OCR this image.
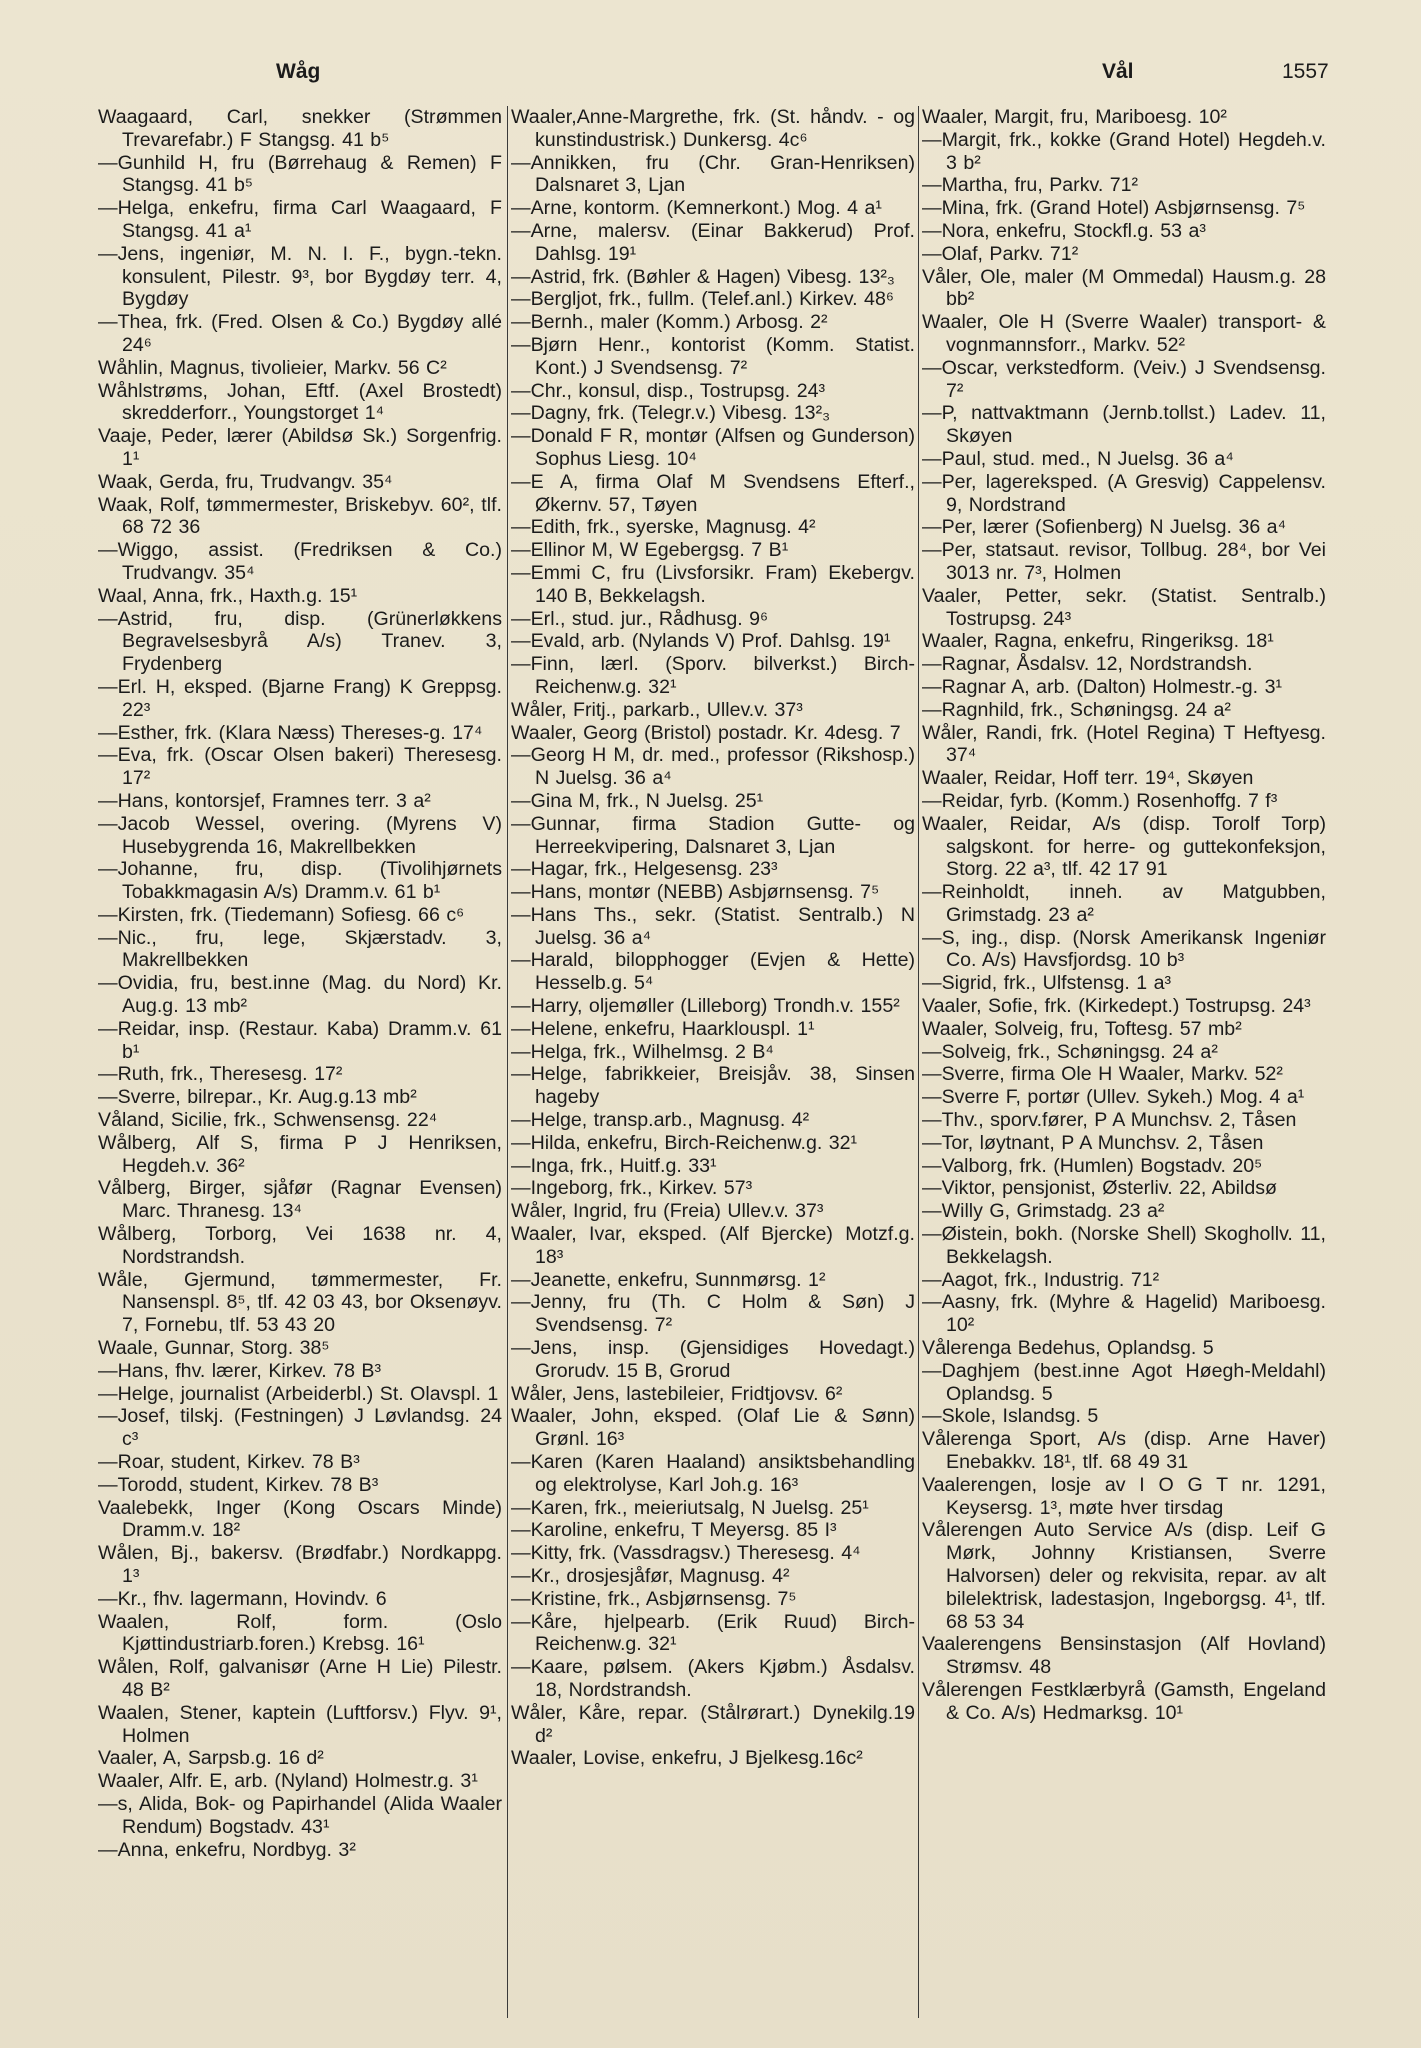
Wåg	Vål	1557

Waagaard, Carl, snekker (Strømmen Trevarefabr.) F Stangsg. 41 b⁵

—Gunhild H, fru (Børrehaug & Remen) F Stangsg. 41 b⁵

—Helga, enkefru, firma Carl Waagaard, F Stangsg. 41 a¹

—Jens, ingeniør, M. N. I. F., bygn.-tekn. konsulent, Pilestr. 9³, bor Bygdøy terr. 4, Bygdøy

—Thea, frk. (Fred. Olsen & Co.) Bygdøy allé 24⁶

Wåhlin, Magnus, tivolieier, Markv. 56 C²

Wåhlstrøms, Johan, Eftf. (Axel Brostedt) skredderforr., Youngstorget 1⁴

Vaaje, Peder, lærer (Abildsø Sk.) Sorgenfrig. 1¹

Waak, Gerda, fru, Trudvangv. 35⁴

Waak, Rolf, tømmermester, Briskebyv. 60², tlf. 68 72 36

—Wiggo, assist. (Fredriksen & Co.) Trudvangv. 35⁴

Waal, Anna, frk., Haxth.g. 15¹

—Astrid, fru, disp. (Grünerløkkens Begravelsesbyrå A/s) Tranev. 3, Frydenberg

—Erl. H, eksped. (Bjarne Frang) K Greppsg. 22³

—Esther, frk. (Klara Næss) Thereses-g. 17⁴

—Eva, frk. (Oscar Olsen bakeri) Theresesg. 17²

—Hans, kontorsjef, Framnes terr. 3 a²

—Jacob Wessel, overing. (Myrens V) Husebygrenda 16, Makrellbekken

—Johanne, fru, disp. (Tivolihjørnets Tobakkmagasin A/s) Dramm.v. 61 b¹

—Kirsten, frk. (Tiedemann) Sofiesg. 66 c⁶

—Nic., fru, lege, Skjærstadv. 3, Makrellbekken

—Ovidia, fru, best.inne (Mag. du Nord) Kr. Aug.g. 13 mb²

—Reidar, insp. (Restaur. Kaba) Dramm.v. 61 b¹

—Ruth, frk., Theresesg. 17²

—Sverre, bilrepar., Kr. Aug.g.13 mb²

Våland, Sicilie, frk., Schwensensg. 22⁴

Wålberg, Alf S, firma P J Henriksen, Hegdeh.v. 36²

Vålberg, Birger, sjåfør (Ragnar Evensen) Marc. Thranesg. 13⁴

Wålberg, Torborg, Vei 1638 nr. 4, Nordstrandsh.

Wåle, Gjermund, tømmermester, Fr. Nansenspl. 8⁵, tlf. 42 03 43, bor Oksenøyv. 7, Fornebu, tlf. 53 43 20

Waale, Gunnar, Storg. 38⁵

—Hans, fhv. lærer, Kirkev. 78 B³

—Helge, journalist (Arbeiderbl.) St. Olavspl. 1

—Josef, tilskj. (Festningen) J Løvlandsg. 24 c³

—Roar, student, Kirkev. 78 B³

—Torodd, student, Kirkev. 78 B³

Vaalebekk, Inger (Kong Oscars Minde) Dramm.v. 18²

Wålen, Bj., bakersv. (Brødfabr.) Nordkappg. 1³

—Kr., fhv. lagermann, Hovindv. 6

Waalen, Rolf, form. (Oslo Kjøttindustriarb.foren.) Krebsg. 16¹

Wålen, Rolf, galvanisør (Arne H Lie) Pilestr. 48 B²

Waalen, Stener, kaptein (Luftforsv.) Flyv. 9¹, Holmen

Vaaler, A, Sarpsb.g. 16 d²

Waaler, Alfr. E, arb. (Nyland) Holmestr.g. 3¹

—s, Alida, Bok- og Papirhandel (Alida Waaler Rendum) Bogstadv. 43¹

—Anna, enkefru, Nordbyg. 3²

Waaler,Anne-Margrethe, frk. (St. håndv. - og kunstindustrisk.) Dunkersg. 4c⁶

—Annikken, fru (Chr. Gran-Henriksen) Dalsnaret 3, Ljan

—Arne, kontorm. (Kemnerkont.) Mog. 4 a¹

—Arne, malersv. (Einar Bakkerud) Prof. Dahlsg. 19¹

—Astrid, frk. (Bøhler & Hagen) Vibesg. 13²₃

—Bergljot, frk., fullm. (Telef.anl.) Kirkev. 48⁶

—Bernh., maler (Komm.) Arbosg. 2²

—Bjørn Henr., kontorist (Komm. Statist. Kont.) J Svendsensg. 7²

—Chr., konsul, disp., Tostrupsg. 24³

—Dagny, frk. (Telegr.v.) Vibesg. 13²₃

—Donald F R, montør (Alfsen og Gunderson) Sophus Liesg. 10⁴

—E A, firma Olaf M Svendsens Efterf., Økernv. 57, Tøyen

—Edith, frk., syerske, Magnusg. 4²

—Ellinor M, W Egebergsg. 7 B¹

—Emmi C, fru (Livsforsikr. Fram) Ekebergv. 140 B, Bekkelagsh.

—Erl., stud. jur., Rådhusg. 9⁶

—Evald, arb. (Nylands V) Prof. Dahlsg. 19¹

—Finn, lærl. (Sporv. bilverkst.) Birch-Reichenw.g. 32¹

Wåler, Fritj., parkarb., Ullev.v. 37³

Waaler, Georg (Bristol) postadr. Kr. 4desg. 7

—Georg H M, dr. med., professor (Rikshosp.) N Juelsg. 36 a⁴

—Gina M, frk., N Juelsg. 25¹

—Gunnar, firma Stadion Gutte- og Herreekvipering, Dalsnaret 3, Ljan

—Hagar, frk., Helgesensg. 23³

—Hans, montør (NEBB) Asbjørnsensg. 7⁵

—Hans Ths., sekr. (Statist. Sentralb.) N Juelsg. 36 a⁴

—Harald, bilopphogger (Evjen & Hette) Hesselb.g. 5⁴

—Harry, oljemøller (Lilleborg) Trondh.v. 155²

—Helene, enkefru, Haarklouspl. 1¹

—Helga, frk., Wilhelmsg. 2 B⁴

—Helge, fabrikkeier, Breisjåv. 38, Sinsen hageby

—Helge, transp.arb., Magnusg. 4²

—Hilda, enkefru, Birch-Reichenw.g. 32¹

—Inga, frk., Huitf.g. 33¹

—Ingeborg, frk., Kirkev. 57³

Wåler, Ingrid, fru (Freia) Ullev.v. 37³

Waaler, Ivar, eksped. (Alf Bjercke) Motzf.g. 18³

—Jeanette, enkefru, Sunnmørsg. 1²

—Jenny, fru (Th. C Holm & Søn) J Svendsensg. 7²

—Jens, insp. (Gjensidiges Hovedagt.) Grorudv. 15 B, Grorud

Wåler, Jens, lastebileier, Fridtjovsv. 6²

Waaler, John, eksped. (Olaf Lie & Sønn) Grønl. 16³

—Karen (Karen Haaland) ansiktsbehandling og elektrolyse, Karl Joh.g. 16³

—Karen, frk., meieriutsalg, N Juelsg. 25¹

—Karoline, enkefru, T Meyersg. 85 I³

—Kitty, frk. (Vassdragsv.) Theresesg. 4⁴

—Kr., drosjesjåfør, Magnusg. 4²

—Kristine, frk., Asbjørnsensg. 7⁵

—Kåre, hjelpearb. (Erik Ruud) Birch-Reichenw.g. 32¹

—Kaare, pølsem. (Akers Kjøbm.) Åsdalsv. 18, Nordstrandsh.

Wåler, Kåre, repar. (Stålrørart.) Dynekilg.19 d²

Waaler, Lovise, enkefru, J Bjelkesg.16c²

Waaler, Margit, fru, Mariboesg. 10²

—Margit, frk., kokke (Grand Hotel) Hegdeh.v. 3 b²

—Martha, fru, Parkv. 71²

—Mina, frk. (Grand Hotel) Asbjørnsensg. 7⁵

—Nora, enkefru, Stockfl.g. 53 a³

—Olaf, Parkv. 71²

Våler, Ole, maler (M Ommedal) Hausm.g. 28 bb²

Waaler, Ole H (Sverre Waaler) transport- & vognmannsforr., Markv. 52²

—Oscar, verkstedform. (Veiv.) J Svendsensg. 7²

—P, nattvaktmann (Jernb.tollst.) Ladev. 11, Skøyen

—Paul, stud. med., N Juelsg. 36 a⁴

—Per, lagereksped. (A Gresvig) Cappelensv. 9, Nordstrand

—Per, lærer (Sofienberg) N Juelsg. 36 a⁴

—Per, statsaut. revisor, Tollbug. 28⁴, bor Vei 3013 nr. 7³, Holmen

Vaaler, Petter, sekr. (Statist. Sentralb.) Tostrupsg. 24³

Waaler, Ragna, enkefru, Ringeriksg. 18¹

—Ragnar, Åsdalsv. 12, Nordstrandsh.

—Ragnar A, arb. (Dalton) Holmestr.-g. 3¹

—Ragnhild, frk., Schøningsg. 24 a²

Wåler, Randi, frk. (Hotel Regina) T Heftyesg. 37⁴

Waaler, Reidar, Hoff terr. 19⁴, Skøyen

—Reidar, fyrb. (Komm.) Rosenhoffg. 7 f³

Waaler, Reidar, A/s (disp. Torolf Torp) salgskont. for herre- og guttekonfeksjon, Storg. 22 a³, tlf. 42 17 91

—Reinholdt, inneh. av Matgubben, Grimstadg. 23 a²

—S, ing., disp. (Norsk Amerikansk Ingeniør Co. A/s) Havsfjordsg. 10 b³

—Sigrid, frk., Ulfstensg. 1 a³

Vaaler, Sofie, frk. (Kirkedept.) Tostrupsg. 24³

Waaler, Solveig, fru, Toftesg. 57 mb²

—Solveig, frk., Schøningsg. 24 a²

—Sverre, firma Ole H Waaler, Markv. 52²

—Sverre F, portør (Ullev. Sykeh.) Mog. 4 a¹

—Thv., sporv.fører, P A Munchsv. 2, Tåsen

—Tor, løytnant, P A Munchsv. 2, Tåsen

—Valborg, frk. (Humlen) Bogstadv. 20⁵

—Viktor, pensjonist, Østerliv. 22, Abildsø

—Willy G, Grimstadg. 23 a²

—Øistein, bokh. (Norske Shell) Skoghollv. 11, Bekkelagsh.

—Aagot, frk., Industrig. 71²

—Aasny, frk. (Myhre & Hagelid) Mariboesg. 10²

Vålerenga Bedehus, Oplandsg. 5

—Daghjem (best.inne Agot Høegh-Meldahl) Oplandsg. 5

—Skole, Islandsg. 5

Vålerenga Sport, A/s (disp. Arne Haver) Enebakkv. 18¹, tlf. 68 49 31

Vaalerengen, losje av I O G T nr. 1291, Keysersg. 1³, møte hver tirsdag

Vålerengen Auto Service A/s (disp. Leif G Mørk, Johnny Kristiansen, Sverre Halvorsen) deler og rekvisita, repar. av alt bilelektrisk, ladestasjon, Ingeborgsg. 4¹, tlf. 68 53 34

Vaalerengens Bensinstasjon (Alf Hovland) Strømsv. 48

Vålerengen Festklærbyrå (Gamsth, Engeland & Co. A/s) Hedmarksg. 10¹
